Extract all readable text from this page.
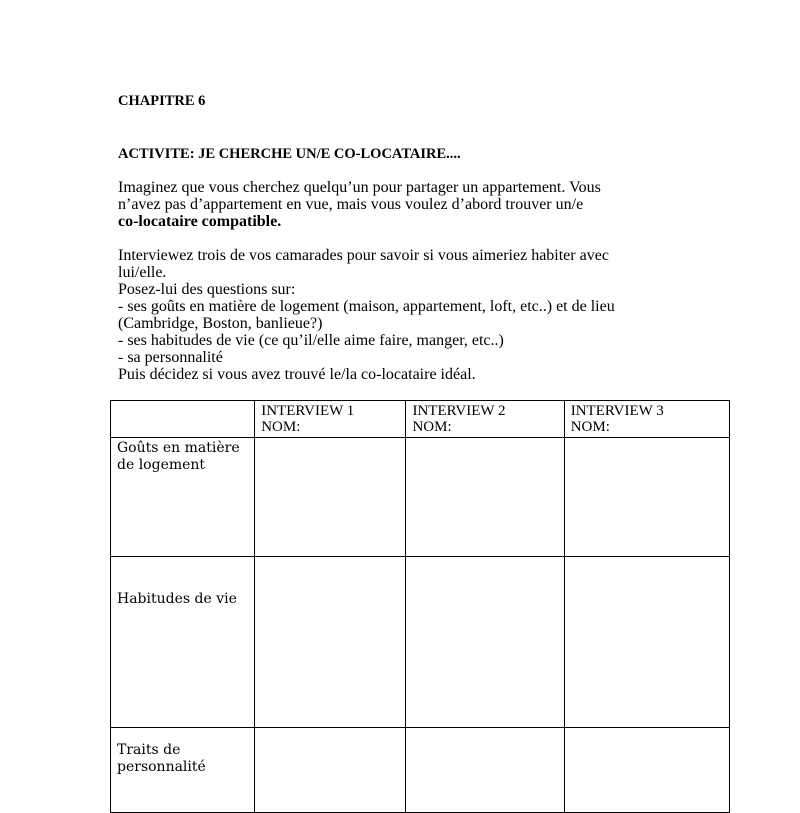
CHAPITRE 6
ACTIVITE: JE CHERCHE UN/E CO-LOCATAIRE....
Imaginez que vous cherchez quelqu’un pour partager un appartement. Vous
n’avez pas d’appartement en vue, mais vous voulez d’abord trouver un/e
co-locataire compatible.
Interviewez trois de vos camarades pour savoir si vous aimeriez habiter avec
lui/elle.
Posez-lui des questions sur:
- ses goûts en matière de logement (maison, appartement, loft, etc..) et de lieu
(Cambridge, Boston, banlieue?)
- ses habitudes de vie (ce qu’il/elle aime faire, manger, etc..)
- sa personnalité
Puis décidez si vous avez trouvé le/la co-locataire idéal.

	INTERVIEW 1
NOM:	INTERVIEW 2
NOM:	INTERVIEW 3
NOM:

Goûts en matière
de logement			

Habitudes de vie			

Traits de
personnalité			
